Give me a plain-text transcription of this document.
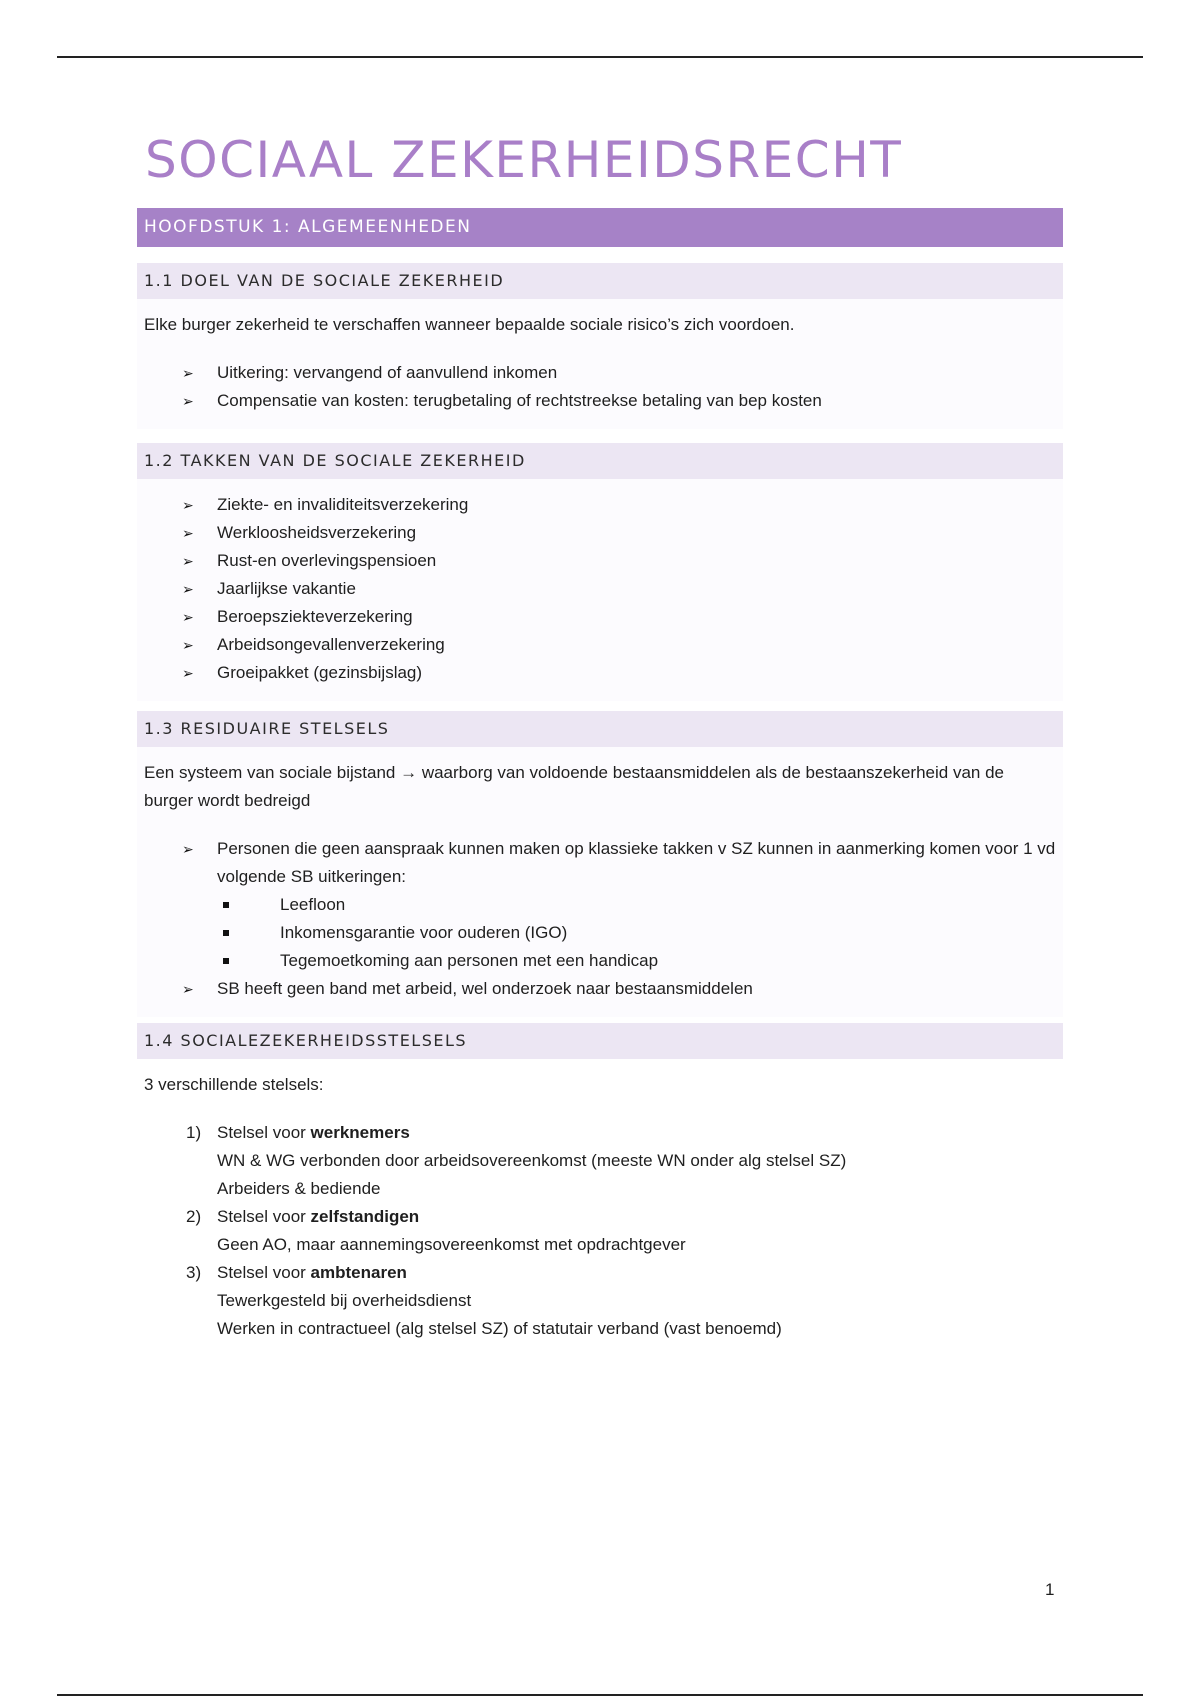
SOCIAAL ZEKERHEIDSRECHT
HOOFDSTUK 1: ALGEMEENHEDEN
1.1 DOEL VAN DE SOCIALE ZEKERHEID

Elke burger zekerheid te verschaffen wanneer bepaalde sociale risico’s zich voordoen.

➢ Uitkering: vervangend of aanvullend inkomen
➢ Compensatie van kosten: terugbetaling of rechtstreekse betaling van bep kosten
1.2 TAKKEN VAN DE SOCIALE ZEKERHEID
➢ Ziekte- en invaliditeitsverzekering
➢ Werkloosheidsverzekering
➢ Rust-en overlevingspensioen
➢ Jaarlijkse vakantie
➢ Beroepsziekteverzekering
➢ Arbeidsongevallenverzekering
➢ Groeipakket (gezinsbijslag)
1.3 RESIDUAIRE STELSELS

Een systeem van sociale bijstand → waarborg van voldoende bestaansmiddelen als de bestaanszekerheid van de burger wordt bedreigd

➢ Personen die geen aanspraak kunnen maken op klassieke takken v SZ kunnen in aanmerking komen voor 1 vd volgende SB uitkeringen:
Leefloon
Inkomensgarantie voor ouderen (IGO)
Tegemoetkoming aan personen met een handicap
➢ SB heeft geen band met arbeid, wel onderzoek naar bestaansmiddelen
1.4 SOCIALEZEKERHEIDSSTELSELS

3 verschillende stelsels:

1) Stelsel voor werknemers
WN & WG verbonden door arbeidsovereenkomst (meeste WN onder alg stelsel SZ)
Arbeiders & bediende
2) Stelsel voor zelfstandigen
Geen AO, maar aannemingsovereenkomst met opdrachtgever
3) Stelsel voor ambtenaren
Tewerkgesteld bij overheidsdienst
Werken in contractueel (alg stelsel SZ) of statutair verband (vast benoemd)
1
